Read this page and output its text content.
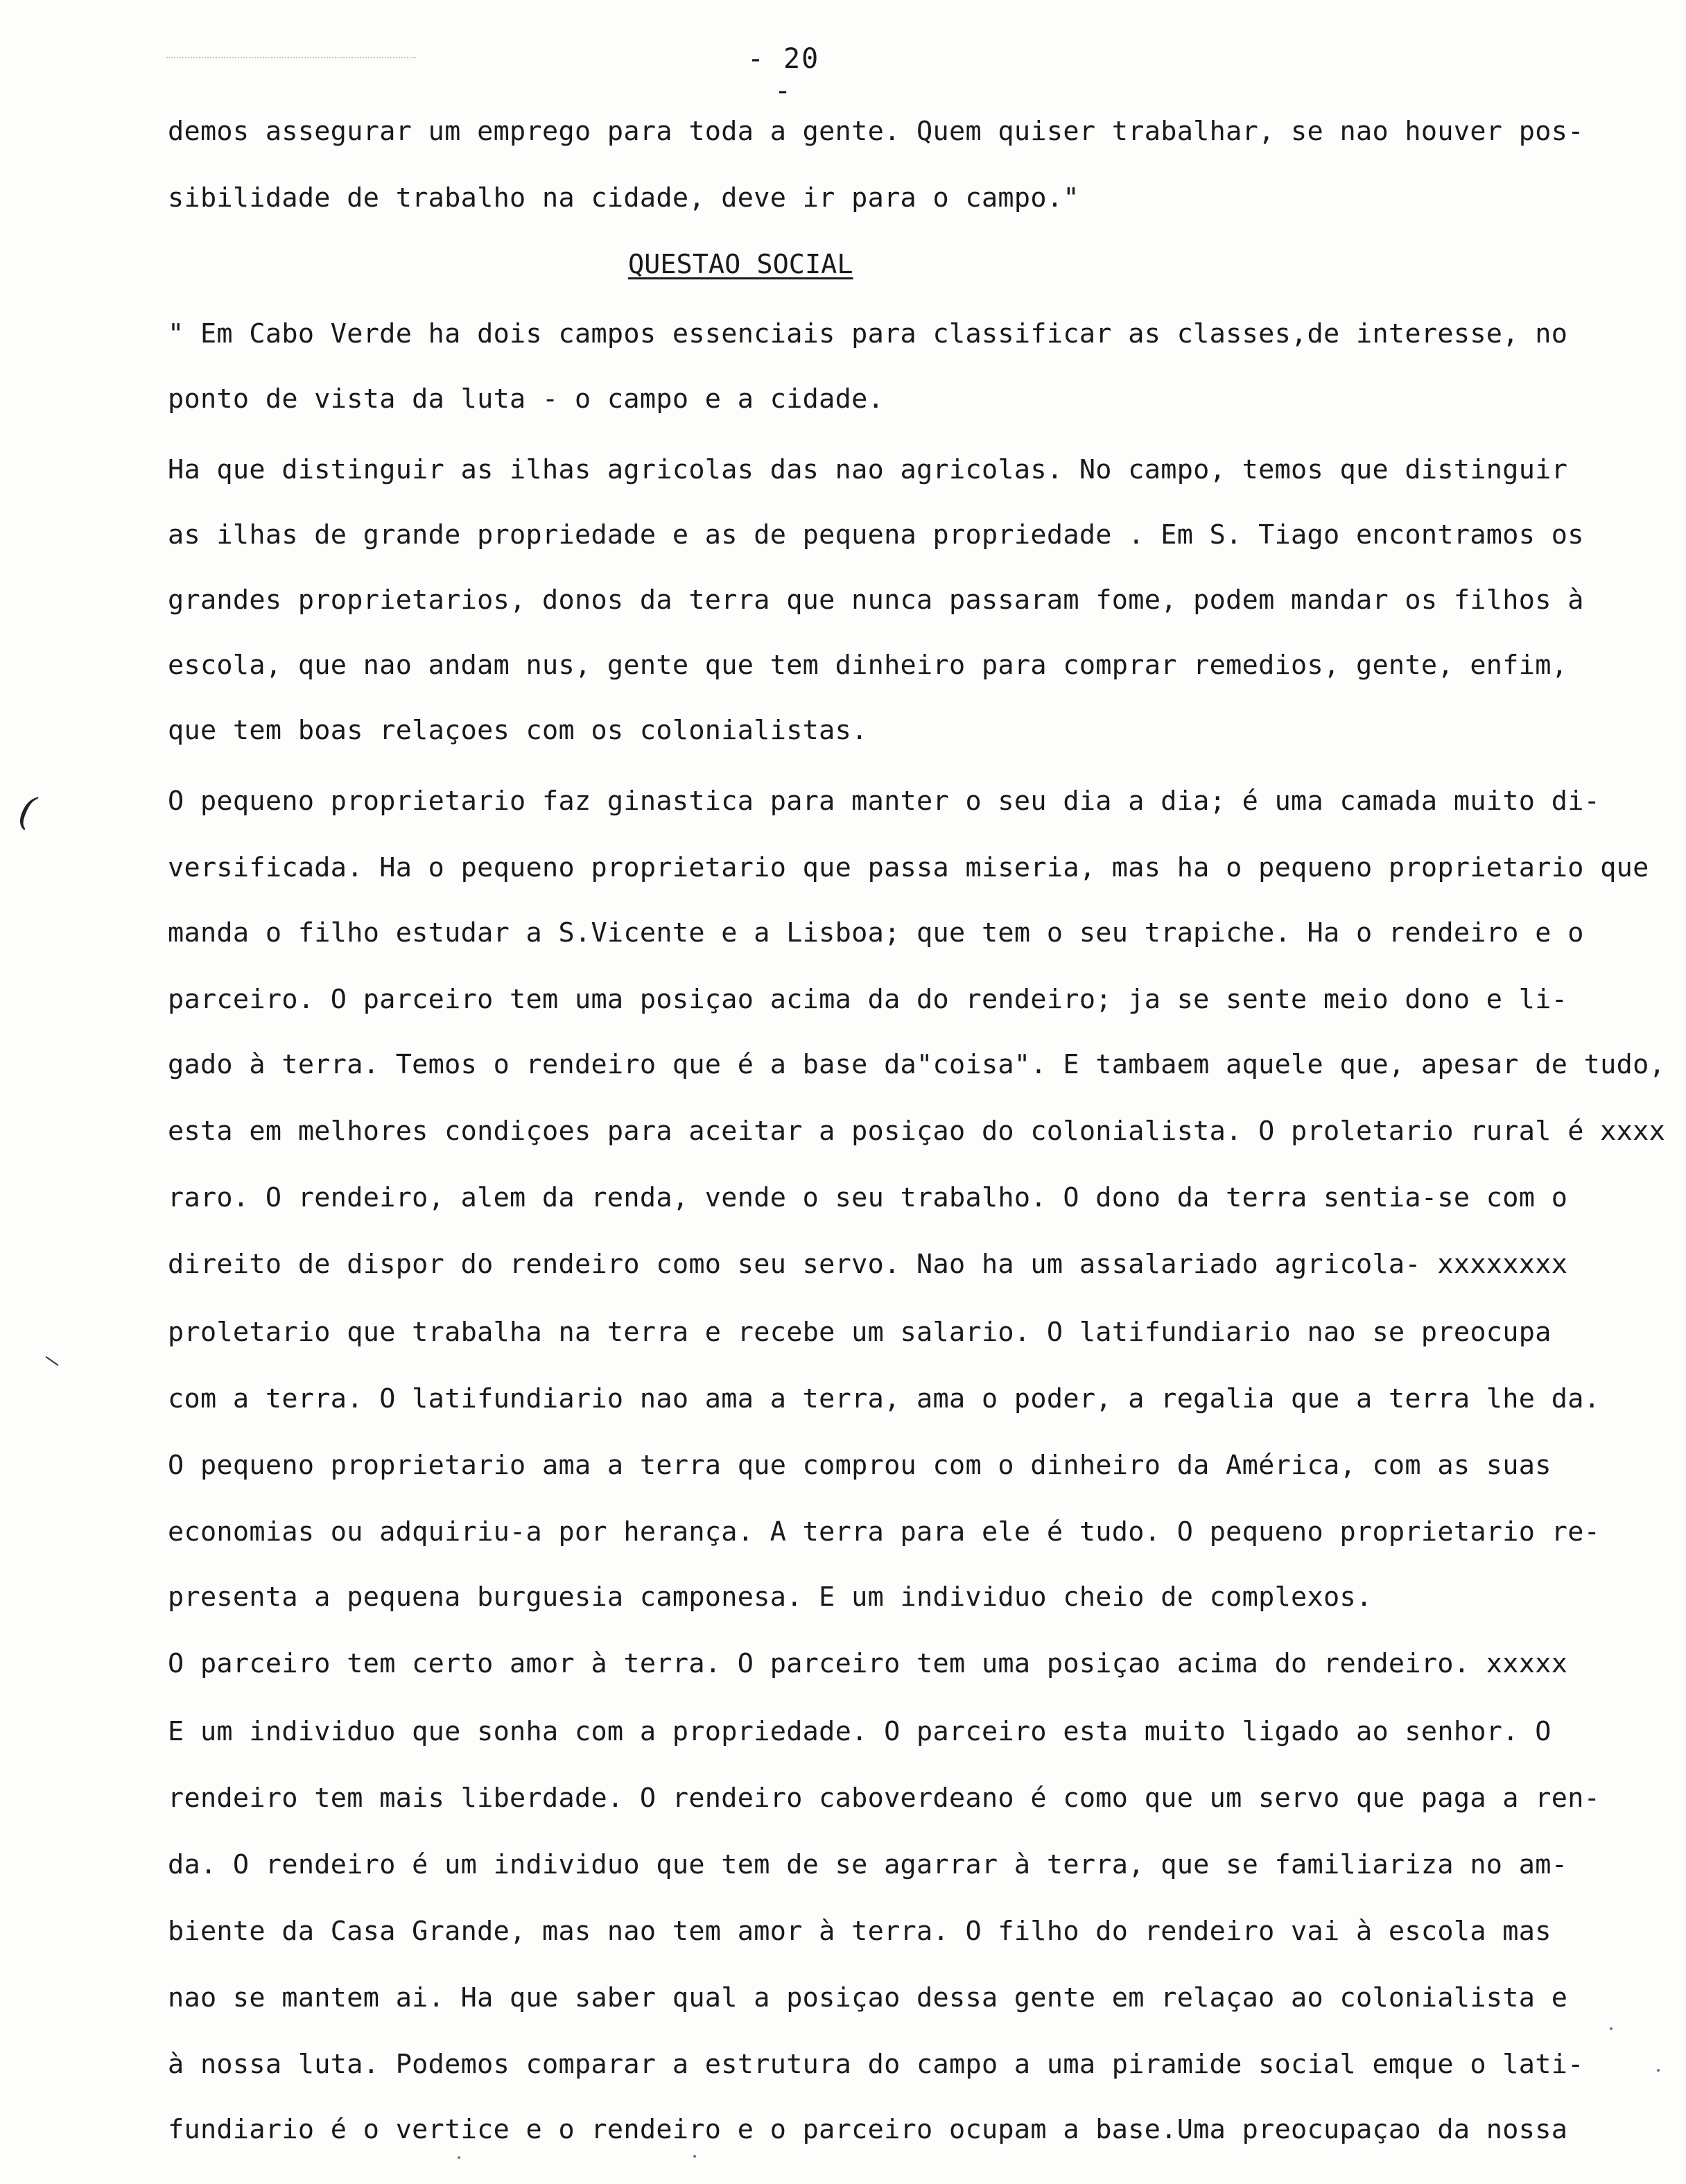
- 20 -
demos assegurar um emprego para toda a gente. Quem quiser trabalhar, se nao houver pos-
sibilidade de trabalho na cidade, deve ir para o campo."
QUESTAO SOCIAL
" Em Cabo Verde ha dois campos essenciais para classificar as classes,de interesse, no
ponto de vista da luta - o campo e a cidade.
Ha que distinguir as ilhas agricolas das nao agricolas. No campo, temos que distinguir
as ilhas de grande propriedade e as de pequena propriedade . Em S. Tiago encontramos os
grandes proprietarios, donos da terra que nunca passaram fome, podem mandar os filhos à
escola, que nao andam nus, gente que tem dinheiro para comprar remedios, gente, enfim,
que tem boas relaçoes com os colonialistas.
(	O pequeno proprietario faz ginastica para manter o seu dia a dia; é uma camada muito di-
versificada. Ha o pequeno proprietario que passa miseria, mas ha o pequeno proprietario que
manda o filho estudar a S.Vicente e a Lisboa; que tem o seu trapiche. Ha o rendeiro e o
parceiro. O parceiro tem uma posiçao acima da do rendeiro; ja se sente meio dono e li-
gado à terra. Temos o rendeiro que é a base da"coisa". E tambaem aquele que, apesar de tudo,
esta em melhores condiçoes para aceitar a posiçao do colonialista. O proletario rural é xxxx
raro. O rendeiro, alem da renda, vende o seu trabalho. O dono da terra sentia-se com o
direito de dispor do rendeiro como seu servo. Nao ha um assalariado agricola- xxxxxxxx
proletario que trabalha na terra e recebe um salario. O latifundiario nao se preocupa
com a terra. O latifundiario nao ama a terra, ama o poder, a regalia que a terra lhe da.
O pequeno proprietario ama a terra que comprou com o dinheiro da América, com as suas
economias ou adquiriu-a por herança. A terra para ele é tudo. O pequeno proprietario re-
presenta a pequena burguesia camponesa. E um individuo cheio de complexos.
O parceiro tem certo amor à terra. O parceiro tem uma posiçao acima do rendeiro. xxxxx
E um individuo que sonha com a propriedade. O parceiro esta muito ligado ao senhor. O
rendeiro tem mais liberdade. O rendeiro caboverdeano é como que um servo que paga a ren-
da. O rendeiro é um individuo que tem de se agarrar à terra, que se familiariza no am-
biente da Casa Grande, mas nao tem amor à terra. O filho do rendeiro vai à escola mas
nao se mantem ai. Ha que saber qual a posiçao dessa gente em relaçao ao colonialista e
à nossa luta. Podemos comparar a estrutura do campo a uma piramide social emque o lati-
fundiario é o vertice e o rendeiro e o parceiro ocupam a base.Uma preocupaçao da nossa
